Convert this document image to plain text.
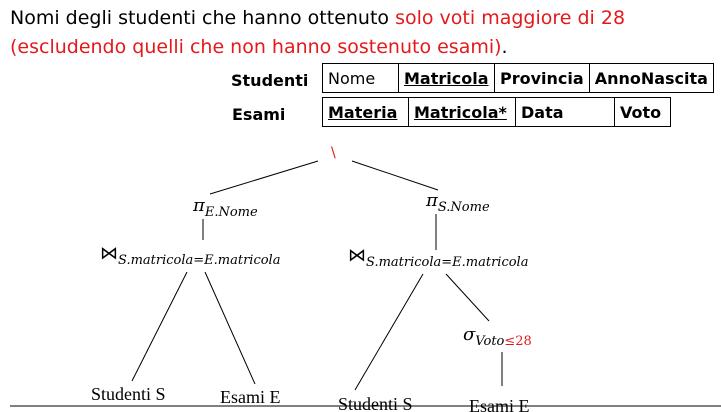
Nomi degli studenti che hanno ottenuto solo voti maggiore di 28 (escludendo quelli che non hanno sostenuto esami).
Studenti Nome	Matricola	Provincia	AnnoNascita
Esami	Materia	Matricola*	Data	Voto
\
$\pi_{E.Nome}$
$⋈_{S.matricola=E.matricola}$
Studenti S	Esami E
$\pi_{S.Nome}$
$⋈_{S.matricola=E.matricola}$
$\sigma_{Voto}\le 28$
Studenti S	Esami E
